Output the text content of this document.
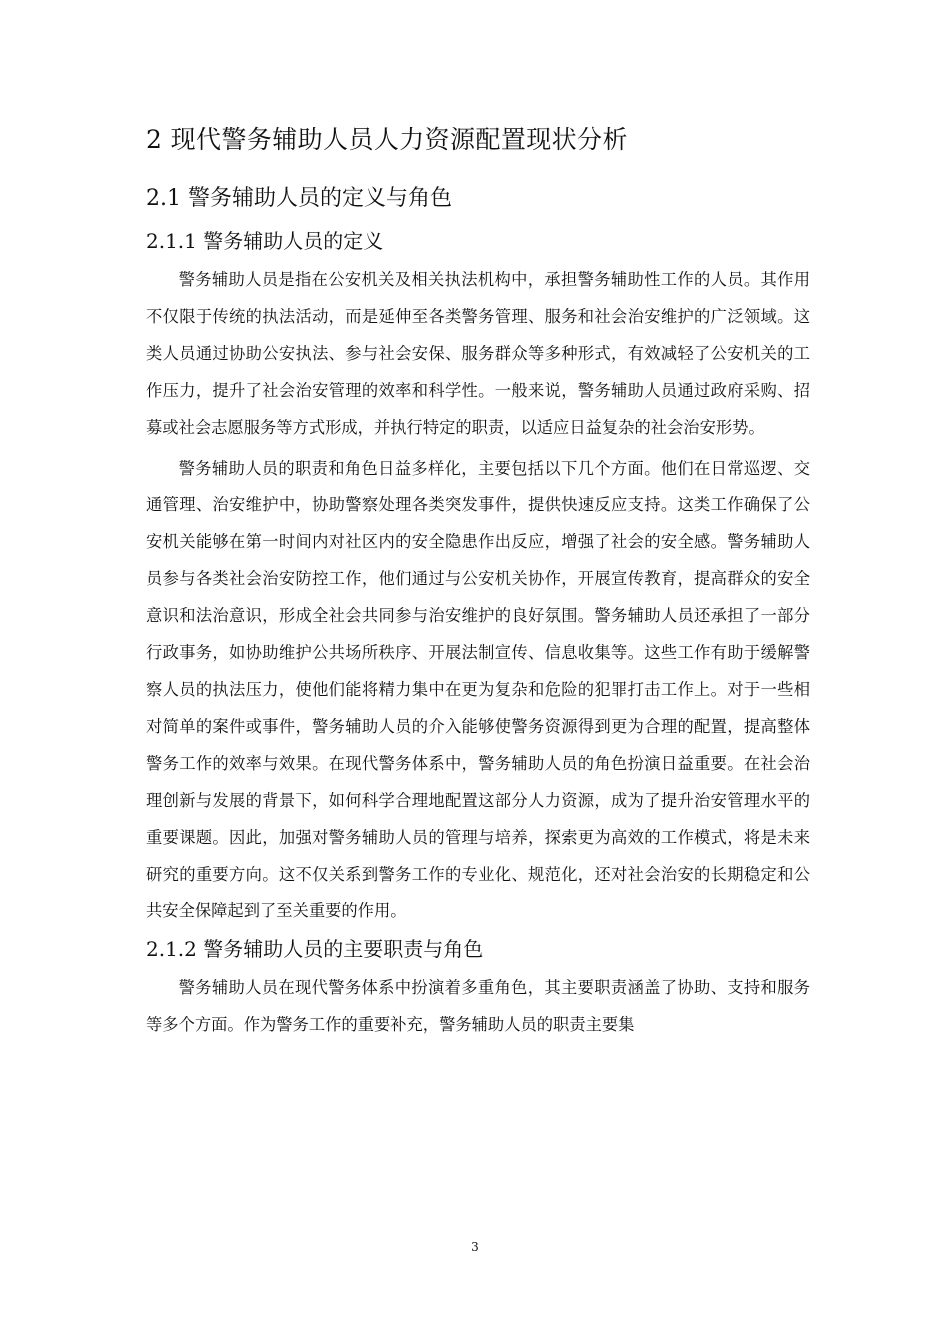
2 现代警务辅助人员人力资源配置现状分析
2.1 警务辅助人员的定义与角色
2.1.1 警务辅助人员的定义

警务辅助人员是指在公安机关及相关执法机构中，承担警务辅助性工作的人员。其作用不仅限于传统的执法活动，而是延伸至各类警务管理、服务和社会治安维护的广泛领域。这类人员通过协助公安执法、参与社会安保、服务群众等多种形式，有效减轻了公安机关的工作压力，提升了社会治安管理的效率和科学性。一般来说，警务辅助人员通过政府采购、招募或社会志愿服务等方式形成，并执行特定的职责，以适应日益复杂的社会治安形势。

警务辅助人员的职责和角色日益多样化，主要包括以下几个方面。他们在日常巡逻、交通管理、治安维护中，协助警察处理各类突发事件，提供快速反应支持。这类工作确保了公安机关能够在第一时间内对社区内的安全隐患作出反应，增强了社会的安全感。警务辅助人员参与各类社会治安防控工作，他们通过与公安机关协作，开展宣传教育，提高群众的安全意识和法治意识，形成全社会共同参与治安维护的良好氛围。警务辅助人员还承担了一部分行政事务，如协助维护公共场所秩序、开展法制宣传、信息收集等。这些工作有助于缓解警察人员的执法压力，使他们能将精力集中在更为复杂和危险的犯罪打击工作上。对于一些相对简单的案件或事件，警务辅助人员的介入能够使警务资源得到更为合理的配置，提高整体警务工作的效率与效果。在现代警务体系中，警务辅助人员的角色扮演日益重要。在社会治理创新与发展的背景下，如何科学合理地配置这部分人力资源，成为了提升治安管理水平的重要课题。因此，加强对警务辅助人员的管理与培养，探索更为高效的工作模式，将是未来研究的重要方向。这不仅关系到警务工作的专业化、规范化，还对社会治安的长期稳定和公共安全保障起到了至关重要的作用。

2.1.2 警务辅助人员的主要职责与角色

警务辅助人员在现代警务体系中扮演着多重角色，其主要职责涵盖了协助、支持和服务等多个方面。作为警务工作的重要补充，警务辅助人员的职责主要集

3
